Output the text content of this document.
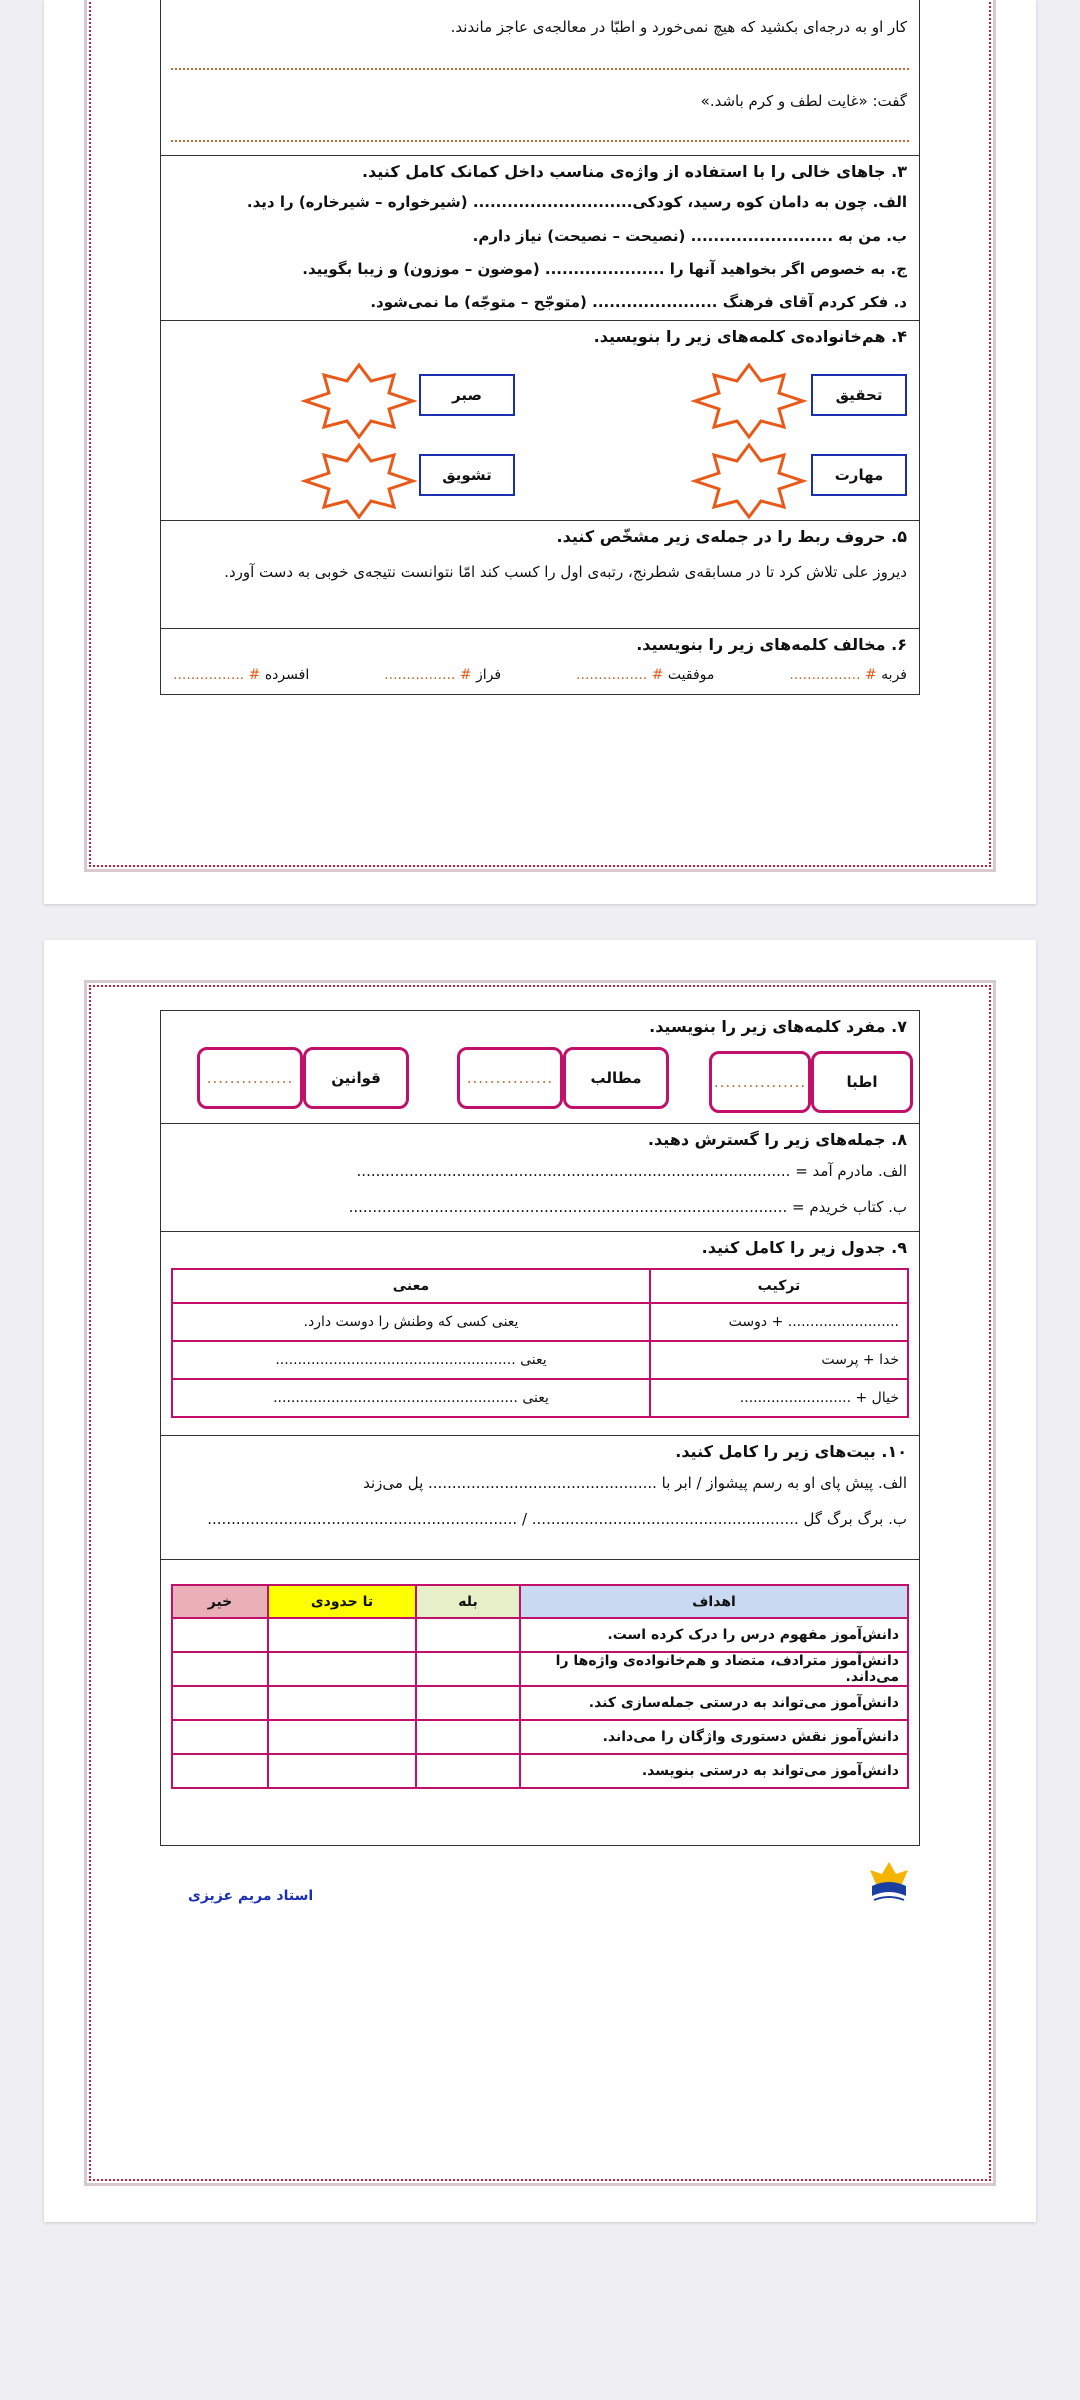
کار او به درجه‌ای بکشید که هیچ نمی‌خورد و اطبّا در معالجه‌ی عاجز ماندند.
گفت: «غایت لطف و کرم باشد.»
۳. جاهای خالی را با استفاده از واژه‌ی مناسب داخل کمانک کامل کنید.
الف. چون به دامان کوه رسید، کودکی............................ (شیرخواره – شیرخاره) را دید.
ب. من به ......................... (نصیحت – نصیحت) نیاز دارم.
ج. به خصوص اگر بخواهید آنها را ..................... (موضون – موزون) و زیبا بگویید.
د. فکر کردم آقای فرهنگ ...................... (متوجّح – متوجّه) ما نمی‌شود.
۴. هم‌خانواده‌ی کلمه‌های زیر را بنویسید.
تحقیق
صبر
مهارت
تشویق
۵. حروف ربط را در جمله‌ی زیر مشخّص کنید.
دیروز علی تلاش کرد تا در مسابقه‌ی شطرنج، رتبه‌ی اول را کسب کند امّا نتوانست نتیجه‌ی خوبی به دست آورد.
۶. مخالف کلمه‌های زیر را بنویسید.
فربه # ................
موفقیت # ................
فراز # ................
افسرده # ................
۷. مفرد کلمه‌های زیر را بنویسید.
اطبا
................
مطالب
...............
قوانین
...............
۸. جمله‌های زیر را گسترش دهید.
الف. مادرم آمد = ...........................................................................................
ب. کتاب خریدم = ............................................................................................
۹. جدول زیر را کامل کنید.
ترکیب	معنی
......................... + دوست	یعنی کسی که وطنش را دوست دارد.
خدا + پرست	یعنی ......................................................
خیال + .........................	یعنی .......................................................
۱۰. بیت‌های زیر را کامل کنید.
الف. پیش پای او به رسم پیشواز / ابر با ................................................ پل می‌زند
ب. برگ برگ گل ........................................................ / .................................................................
اهداف	بله	تا حدودی	خیر
دانش‌آموز مفهوم درس را درک کرده است.			
دانش‌آموز مترادف، متضاد و هم‌خانواده‌ی واژه‌ها را می‌داند.			
دانش‌آموز می‌تواند به درستی جمله‌سازی کند.			
دانش‌آموز نقش دستوری واژگان را می‌داند.			
دانش‌آموز می‌تواند به درستی بنویسد.			
استاد مریم عزیزی
